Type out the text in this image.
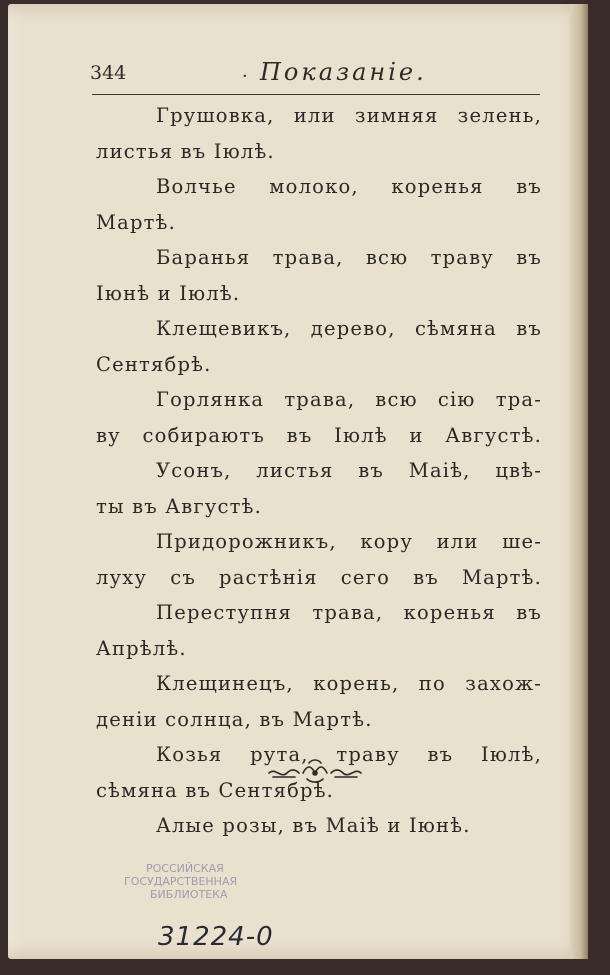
344	· Показаніе.
Грушовка, или зимняя зелень,
листья въ Іюлѣ.
Волчье молоко, коренья въ
Мартѣ.
Баранья трава, всю траву въ
Іюнѣ и Іюлѣ.
Клещевикъ, дерево, сѣмяна въ
Сентябрѣ.
Горлянка трава, всю сію тра-
ву собираютъ въ Іюлѣ и Августѣ.
Усонъ, листья въ Маіѣ, цвѣ-
ты въ Августѣ.
Придорожникъ, кору или ше-
луху съ растѣнія сего въ Мартѣ.
Переступня трава, коренья въ
Апрѣлѣ.
Клещинецъ, корень, по захож-
деніи солнца, въ Мартѣ.
Козья рута, траву въ Іюлѣ,
сѣмяна въ Сентябрѣ.
Алые розы, въ Маіѣ и Іюнѣ.
РОССИЙСКАЯ
ГОСУДАРСТВЕННАЯ
БИБЛИОТЕКА
31224-0
